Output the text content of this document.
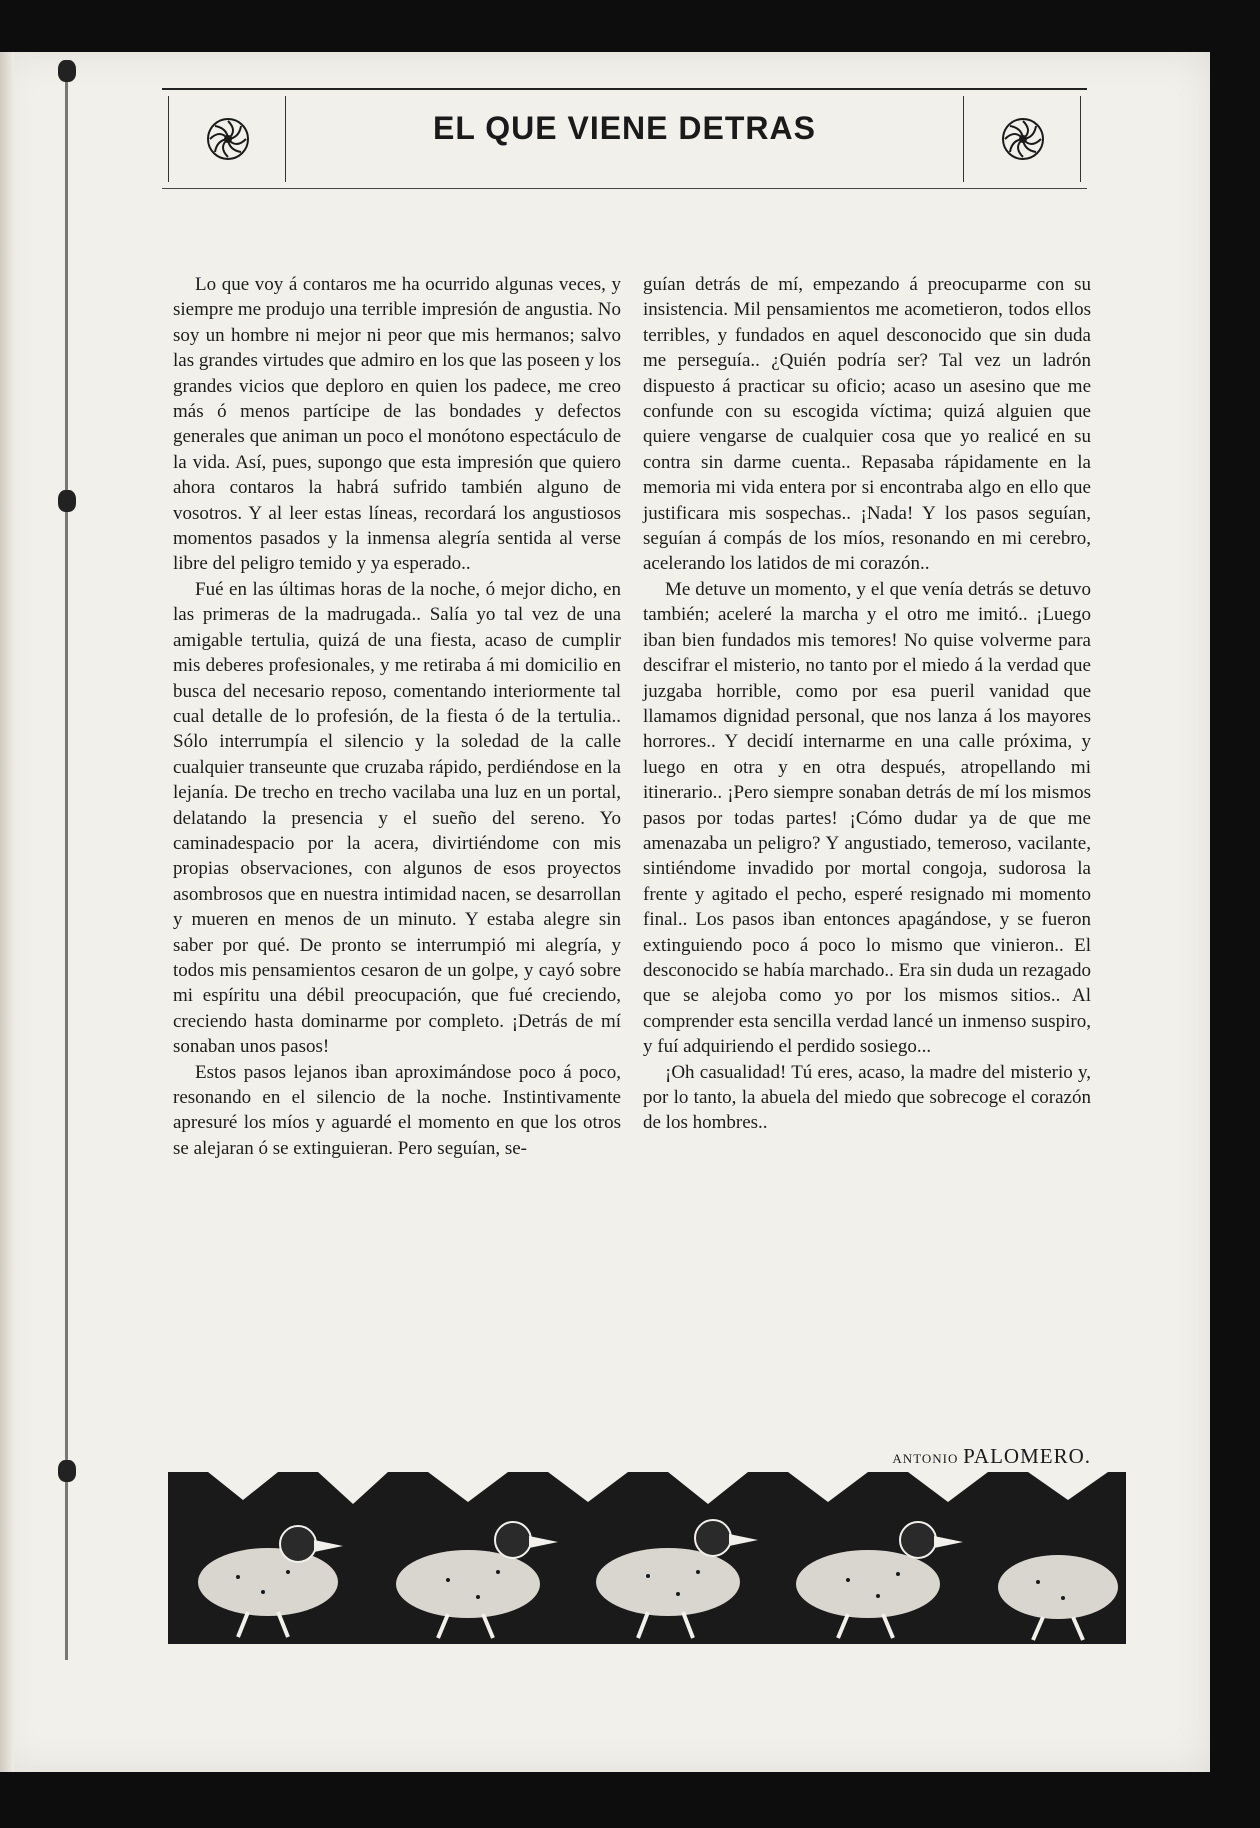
EL QUE VIENE DETRAS

Lo que voy á contaros me ha ocurrido algunas veces, y siempre me produjo una terrible impresión de angustia. No soy un hombre ni mejor ni peor que mis hermanos; salvo las grandes virtudes que admiro en los que las poseen y los grandes vicios que deploro en quien los padece, me creo más ó menos partícipe de las bondades y defectos generales que animan un poco el monótono espectáculo de la vida. Así, pues, supongo que esta impresión que quiero ahora contaros la habrá sufrido también alguno de vosotros. Y al leer estas líneas, recordará los angustiosos momentos pasados y la inmensa alegría sentida al verse libre del peligro temido y ya esperado..

Fué en las últimas horas de la noche, ó mejor dicho, en las primeras de la madrugada.. Salía yo tal vez de una amigable tertulia, quizá de una fiesta, acaso de cumplir mis deberes profesionales, y me retiraba á mi domicilio en busca del necesario reposo, comentando interiormente tal cual detalle de lo profesión, de la fiesta ó de la tertulia.. Sólo interrumpía el silencio y la soledad de la calle cualquier transeunte que cruzaba rápido, perdiéndose en la lejanía. De trecho en trecho vacilaba una luz en un portal, delatando la presencia y el sueño del sereno. Yo caminadespacio por la acera, divirtiéndome con mis propias observaciones, con algunos de esos proyectos asombrosos que en nuestra intimidad nacen, se desarrollan y mueren en menos de un minuto. Y estaba alegre sin saber por qué. De pronto se interrumpió mi alegría, y todos mis pensamientos cesaron de un golpe, y cayó sobre mi espíritu una débil preocupación, que fué creciendo, creciendo hasta dominarme por completo. ¡Detrás de mí sonaban unos pasos!

Estos pasos lejanos iban aproximándose poco á poco, resonando en el silencio de la noche. Instintivamente apresuré los míos y aguardé el momento en que los otros se alejaran ó se extinguieran. Pero seguían, se-

guían detrás de mí, empezando á preocuparme con su insistencia. Mil pensamientos me acometieron, todos ellos terribles, y fundados en aquel desconocido que sin duda me perseguía.. ¿Quién podría ser? Tal vez un ladrón dispuesto á practicar su oficio; acaso un asesino que me confunde con su escogida víctima; quizá alguien que quiere vengarse de cualquier cosa que yo realicé en su contra sin darme cuenta.. Repasaba rápidamente en la memoria mi vida entera por si encontraba algo en ello que justificara mis sospechas.. ¡Nada! Y los pasos seguían, seguían á compás de los míos, resonando en mi cerebro, acelerando los latidos de mi corazón..

Me detuve un momento, y el que venía detrás se detuvo también; aceleré la marcha y el otro me imitó.. ¡Luego iban bien fundados mis temores! No quise volverme para descifrar el misterio, no tanto por el miedo á la verdad que juzgaba horrible, como por esa pueril vanidad que llamamos dignidad personal, que nos lanza á los mayores horrores.. Y decidí internarme en una calle próxima, y luego en otra y en otra después, atropellando mi itinerario.. ¡Pero siempre sonaban detrás de mí los mismos pasos por todas partes! ¡Cómo dudar ya de que me amenazaba un peligro? Y angustiado, temeroso, vacilante, sintiéndome invadido por mortal congoja, sudorosa la frente y agitado el pecho, esperé resignado mi momento final.. Los pasos iban entonces apagándose, y se fueron extinguiendo poco á poco lo mismo que vinieron.. El desconocido se había marchado.. Era sin duda un rezagado que se alejoba como yo por los mismos sitios.. Al comprender esta sencilla verdad lancé un inmenso suspiro, y fuí adquiriendo el perdido sosiego...

¡Oh casualidad! Tú eres, acaso, la madre del misterio y, por lo tanto, la abuela del miedo que sobrecoge el corazón de los hombres..

ANTONIO PALOMERO.
